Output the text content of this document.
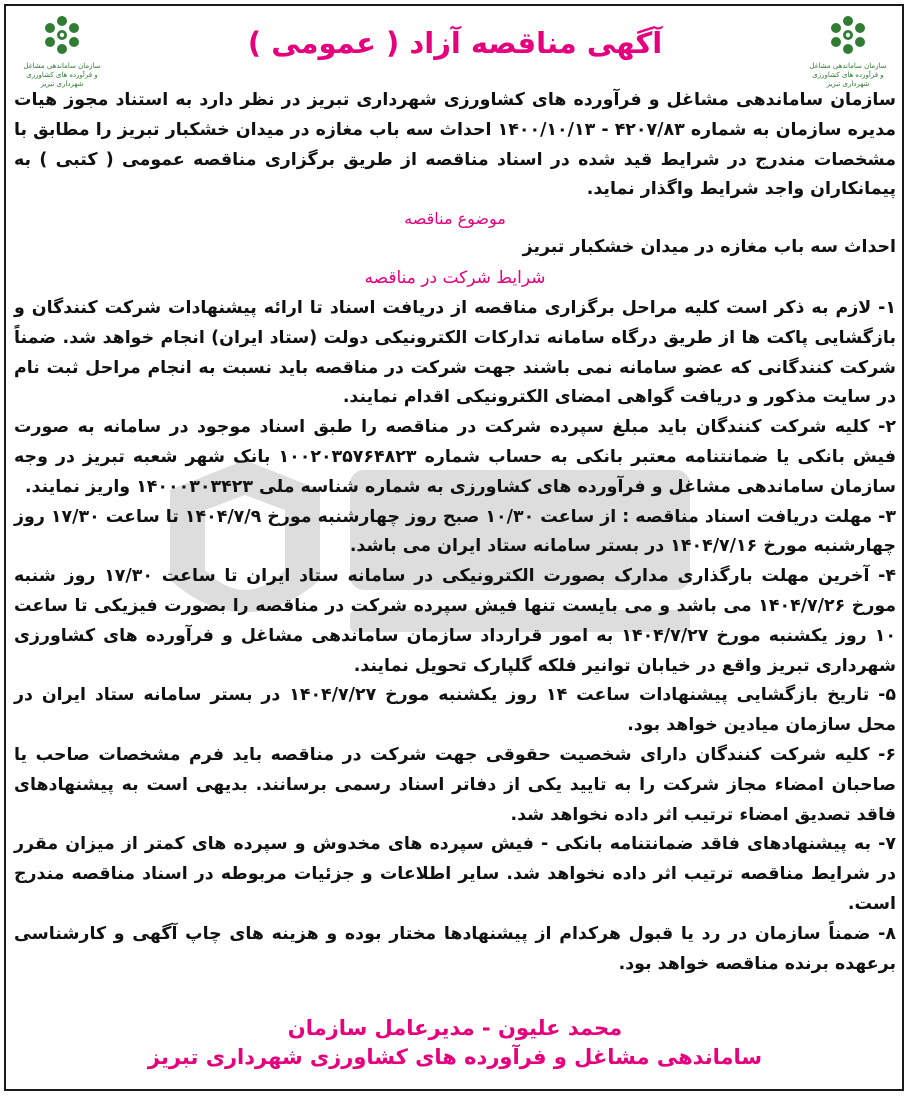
سازمان ساماندهی مشاغل و فرآورده های کشاورزی شهرداری تبریز
سازمان ساماندهی مشاغل و فرآورده های کشاورزی شهرداری تبریز
آگهی مناقصه آزاد ( عمومی )

سازمان ساماندهی مشاغل و فرآورده های کشاورزی شهرداری تبریز در نظر دارد به استناد مجوز هیات مدیره سازمان به شماره ۴۲۰۷/۸۳ - ۱۴۰۰/۱۰/۱۳ احداث سه باب مغازه در میدان خشکبار تبریز را مطابق با مشخصات مندرج در شرایط قید شده در اسناد مناقصه از طریق برگزاری مناقصه عمومی ( کتبی ) به پیمانکاران واجد شرایط واگذار نماید.

موضوع مناقصه

احداث سه باب مغازه در میدان خشکبار تبریز

شرایط شرکت در مناقصه

۱- لازم به ذکر است کلیه مراحل برگزاری مناقصه از دریافت اسناد تا ارائه پیشنهادات شرکت کنندگان و بازگشایی پاکت ها از طریق درگاه سامانه تدارکات الکترونیکی دولت (ستاد ایران) انجام خواهد شد. ضمناً شرکت کنندگانی که عضو سامانه نمی باشند جهت شرکت در مناقصه باید نسبت به انجام مراحل ثبت نام در سایت مذکور و دریافت گواهی امضای الکترونیکی اقدام نمایند.

۲- کلیه شرکت کنندگان باید مبلغ سپرده شرکت در مناقصه را طبق اسناد موجود در سامانه به صورت فیش بانکی یا ضمانتنامه معتبر بانکی به حساب شماره ۱۰۰۲۰۳۵۷۶۴۸۲۳ بانک شهر شعبه تبریز در وجه سازمان ساماندهی مشاغل و فرآورده های کشاورزی به شماره شناسه ملی ۱۴۰۰۰۳۰۳۴۲۳ واریز نمایند.

۳- مهلت دریافت اسناد مناقصه : از ساعت ۱۰/۳۰ صبح روز چهارشنبه مورخ ۱۴۰۴/۷/۹ تا ساعت ۱۷/۳۰ روز چهارشنبه مورخ ۱۴۰۴/۷/۱۶ در بستر سامانه ستاد ایران می باشد.

۴- آخرین مهلت بارگذاری مدارک بصورت الکترونیکی در سامانه ستاد ایران تا ساعت ۱۷/۳۰ روز شنبه مورخ ۱۴۰۴/۷/۲۶ می باشد و می بایست تنها فیش سپرده شرکت در مناقصه را بصورت فیزیکی تا ساعت ۱۰ روز یکشنبه مورخ ۱۴۰۴/۷/۲۷ به امور قرارداد سازمان ساماندهی مشاغل و فرآورده های کشاورزی شهرداری تبریز واقع در خیابان توانیر فلکه گلپارک تحویل نمایند.

۵- تاریخ بازگشایی پیشنهادات ساعت ۱۴ روز یکشنبه مورخ ۱۴۰۴/۷/۲۷ در بستر سامانه ستاد ایران در محل سازمان میادین خواهد بود.

۶- کلیه شرکت کنندگان دارای شخصیت حقوقی جهت شرکت در مناقصه باید فرم مشخصات صاحب یا صاحبان امضاء مجاز شرکت را به تایید یکی از دفاتر اسناد رسمی برسانند. بدیهی است به پیشنهادهای فاقد تصدیق امضاء ترتیب اثر داده نخواهد شد.

۷- به پیشنهادهای فاقد ضمانتنامه بانکی - فیش سپرده های مخدوش و سپرده های کمتر از میزان مقرر در شرایط مناقصه ترتیب اثر داده نخواهد شد. سایر اطلاعات و جزئیات مربوطه در اسناد مناقصه مندرج است.

۸- ضمناً سازمان در رد یا قبول هرکدام از پیشنهادها مختار بوده و هزینه های چاپ آگهی و کارشناسی برعهده برنده مناقصه خواهد بود.

محمد علیون - مدیرعامل سازمان
ساماندهی مشاغل و فرآورده های کشاورزی شهرداری تبریز
